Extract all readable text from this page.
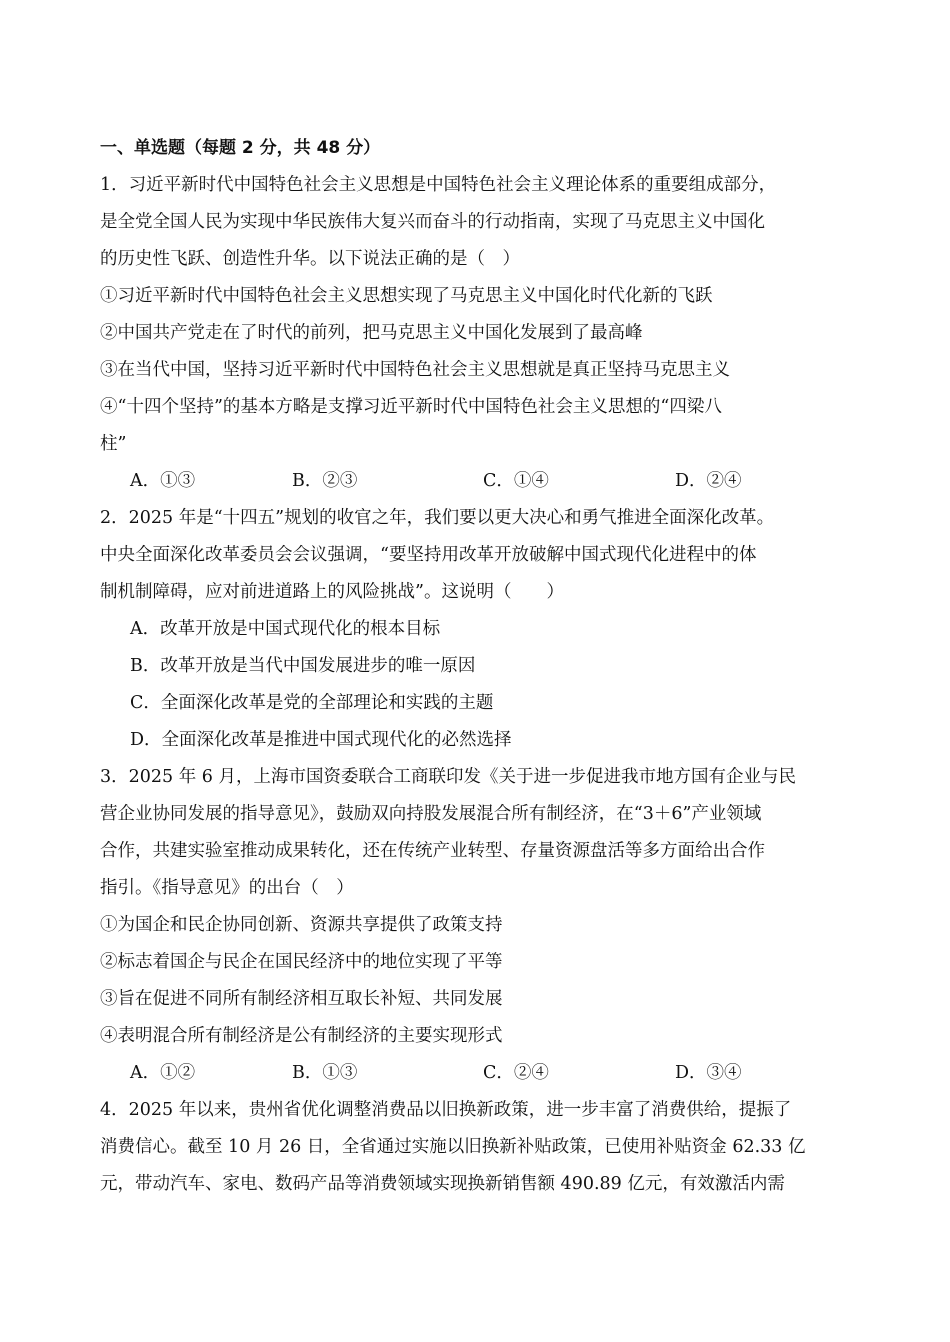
一、单选题（每题 2 分，共 48 分）
1．习近平新时代中国特色社会主义思想是中国特色社会主义理论体系的重要组成部分，
是全党全国人民为实现中华民族伟大复兴而奋斗的行动指南，实现了马克思主义中国化
的历史性飞跃、创造性升华。以下说法正确的是（　）
①习近平新时代中国特色社会主义思想实现了马克思主义中国化时代化新的飞跃
②中国共产党走在了时代的前列，把马克思主义中国化发展到了最高峰
③在当代中国，坚持习近平新时代中国特色社会主义思想就是真正坚持马克思主义
④“十四个坚持”的基本方略是支撑习近平新时代中国特色社会主义思想的“四梁八
柱”
A．①③	B．②③	C．①④	D．②④
2．2025 年是“十四五”规划的收官之年，我们要以更大决心和勇气推进全面深化改革。
中央全面深化改革委员会会议强调，“要坚持用改革开放破解中国式现代化进程中的体
制机制障碍，应对前进道路上的风险挑战”。这说明（　　）
A．改革开放是中国式现代化的根本目标
B．改革开放是当代中国发展进步的唯一原因
C．全面深化改革是党的全部理论和实践的主题
D．全面深化改革是推进中国式现代化的必然选择
3．2025 年 6 月，上海市国资委联合工商联印发《关于进一步促进我市地方国有企业与民
营企业协同发展的指导意见》，鼓励双向持股发展混合所有制经济，在“3＋6”产业领域
合作，共建实验室推动成果转化，还在传统产业转型、存量资源盘活等多方面给出合作
指引。《指导意见》的出台（　）
①为国企和民企协同创新、资源共享提供了政策支持
②标志着国企与民企在国民经济中的地位实现了平等
③旨在促进不同所有制经济相互取长补短、共同发展
④表明混合所有制经济是公有制经济的主要实现形式
A．①②	B．①③	C．②④	D．③④
4．2025 年以来，贵州省优化调整消费品以旧换新政策，进一步丰富了消费供给，提振了
消费信心。截至 10 月 26 日，全省通过实施以旧换新补贴政策，已使用补贴资金 62.33 亿
元，带动汽车、家电、数码产品等消费领域实现换新销售额 490.89 亿元，有效激活内需
